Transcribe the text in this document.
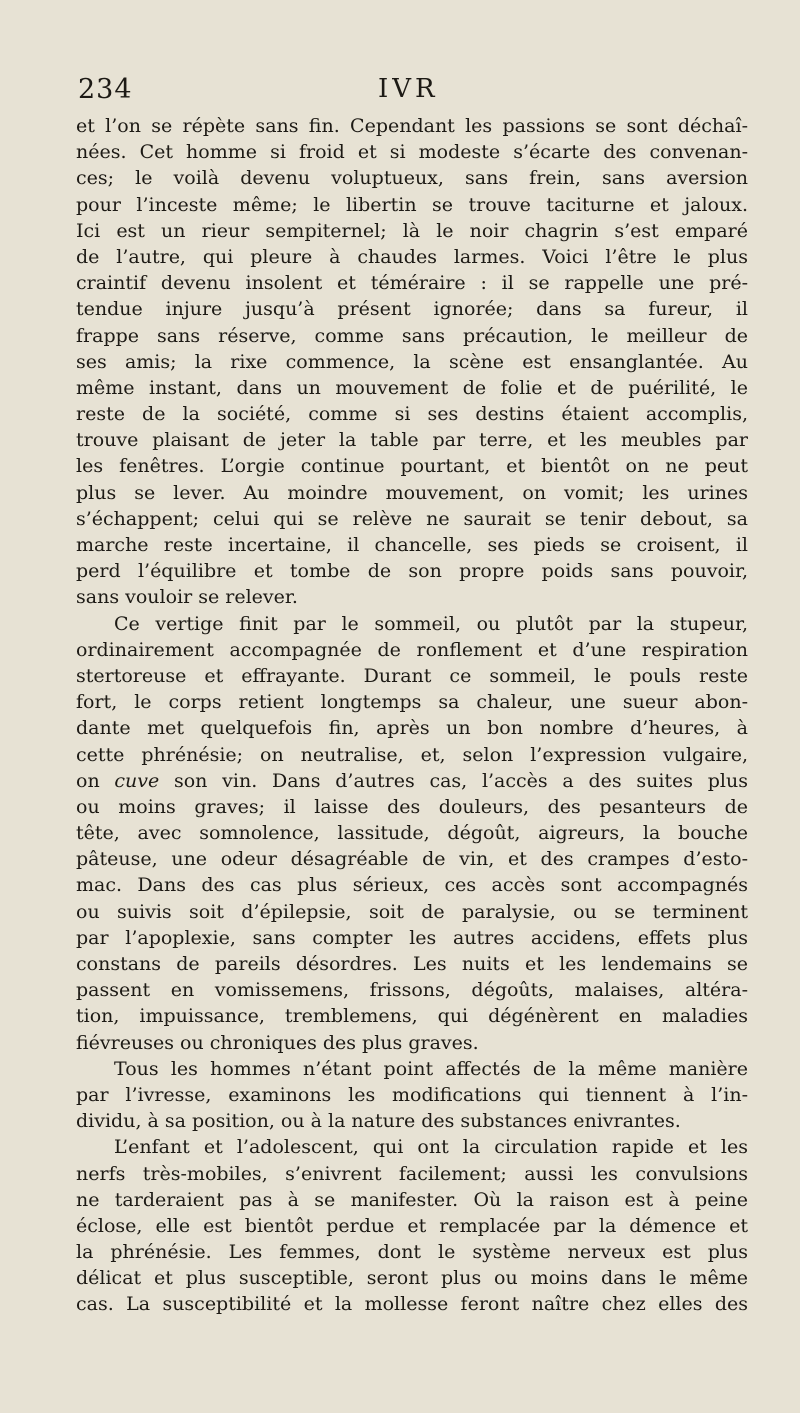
234	IVR
et l’on se répète sans fin. Cependant les passions se sont déchaî-
nées. Cet homme si froid et si modeste s’écarte des convenan-
ces; le voilà devenu voluptueux, sans frein, sans aversion
pour l’inceste même; le libertin se trouve taciturne et jaloux.
Ici est un rieur sempiternel; là le noir chagrin s’est emparé
de l’autre, qui pleure à chaudes larmes. Voici l’être le plus
craintif devenu insolent et téméraire : il se rappelle une pré-
tendue injure jusqu’à présent ignorée; dans sa fureur, il
frappe sans réserve, comme sans précaution, le meilleur de
ses amis; la rixe commence, la scène est ensanglantée. Au
même instant, dans un mouvement de folie et de puérilité, le
reste de la société, comme si ses destins étaient accomplis,
trouve plaisant de jeter la table par terre, et les meubles par
les fenêtres. L’orgie continue pourtant, et bientôt on ne peut
plus se lever. Au moindre mouvement, on vomit; les urines
s’échappent; celui qui se relève ne saurait se tenir debout, sa
marche reste incertaine, il chancelle, ses pieds se croisent, il
perd l’équilibre et tombe de son propre poids sans pouvoir,
sans vouloir se relever.
Ce vertige finit par le sommeil, ou plutôt par la stupeur,
ordinairement accompagnée de ronflement et d’une respiration
stertoreuse et effrayante. Durant ce sommeil, le pouls reste
fort, le corps retient longtemps sa chaleur, une sueur abon-
dante met quelquefois fin, après un bon nombre d’heures, à
cette phrénésie; on neutralise, et, selon l’expression vulgaire,
on cuve son vin. Dans d’autres cas, l’accès a des suites plus
ou moins graves; il laisse des douleurs, des pesanteurs de
tête, avec somnolence, lassitude, dégoût, aigreurs, la bouche
pâteuse, une odeur désagréable de vin, et des crampes d’esto-
mac. Dans des cas plus sérieux, ces accès sont accompagnés
ou suivis soit d’épilepsie, soit de paralysie, ou se terminent
par l’apoplexie, sans compter les autres accidens, effets plus
constans de pareils désordres. Les nuits et les lendemains se
passent en vomissemens, frissons, dégoûts, malaises, altéra-
tion, impuissance, tremblemens, qui dégénèrent en maladies
fiévreuses ou chroniques des plus graves.
Tous les hommes n’étant point affectés de la même manière
par l’ivresse, examinons les modifications qui tiennent à l’in-
dividu, à sa position, ou à la nature des substances enivrantes.
L’enfant et l’adolescent, qui ont la circulation rapide et les
nerfs très-mobiles, s’enivrent facilement; aussi les convulsions
ne tarderaient pas à se manifester. Où la raison est à peine
éclose, elle est bientôt perdue et remplacée par la démence et
la phrénésie. Les femmes, dont le système nerveux est plus
délicat et plus susceptible, seront plus ou moins dans le même
cas. La susceptibilité et la mollesse feront naître chez elles des
